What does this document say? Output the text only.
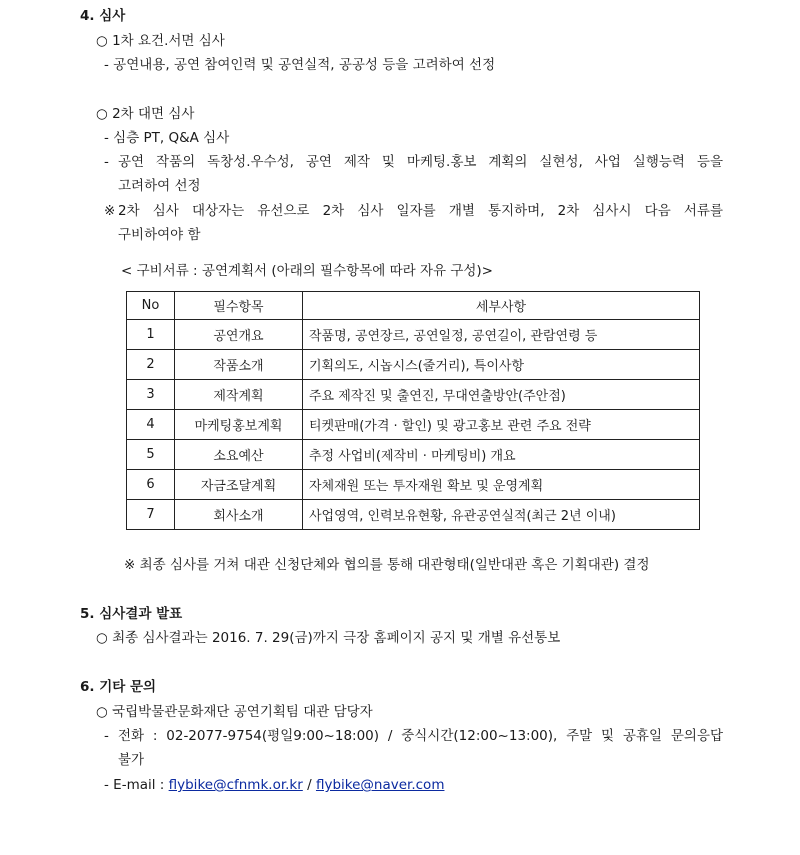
4. 심사
○ 1차 요건.서면 심사
- 공연내용, 공연 참여인력 및 공연실적, 공공성 등을 고려하여 선정
○ 2차 대면 심사
- 심층 PT, Q&A 심사
- 공연 작품의 독창성.우수성, 공연 제작 및 마케팅.홍보 계획의 실현성, 사업 실행능력 등을
고려하여 선정
※ 2차 심사 대상자는 유선으로 2차 심사 일자를 개별 통지하며, 2차 심사시 다음 서류를
구비하여야 함
< 구비서류 : 공연계획서 (아래의 필수항목에 따라 자유 구성)>
No	필수항목	세부사항
1	공연개요	작품명, 공연장르, 공연일정, 공연길이, 관람연령 등
2	작품소개	기획의도, 시놉시스(줄거리), 특이사항
3	제작계획	주요 제작진 및 출연진, 무대연출방안(주안점)
4	마케팅홍보계획	티켓판매(가격 · 할인) 및 광고홍보 관련 주요 전략
5	소요예산	추정 사업비(제작비 · 마케팅비) 개요
6	자금조달계획	자체재원 또는 투자재원 확보 및 운영계획
7	회사소개	사업영역, 인력보유현황, 유관공연실적(최근 2년 이내)
※ 최종 심사를 거쳐 대관 신청단체와 협의를 통해 대관형태(일반대관 혹은 기획대관) 결정
5. 심사결과 발표
○ 최종 심사결과는 2016. 7. 29(금)까지 극장 홈페이지 공지 및 개별 유선통보
6. 기타 문의
○ 국립박물관문화재단 공연기획팀 대관 담당자
- 전화 : 02-2077-9754(평일9:00~18:00) / 중식시간(12:00~13:00), 주말 및 공휴일 문의응답
불가
- E-mail : flybike@cfnmk.or.kr / flybike@naver.com
